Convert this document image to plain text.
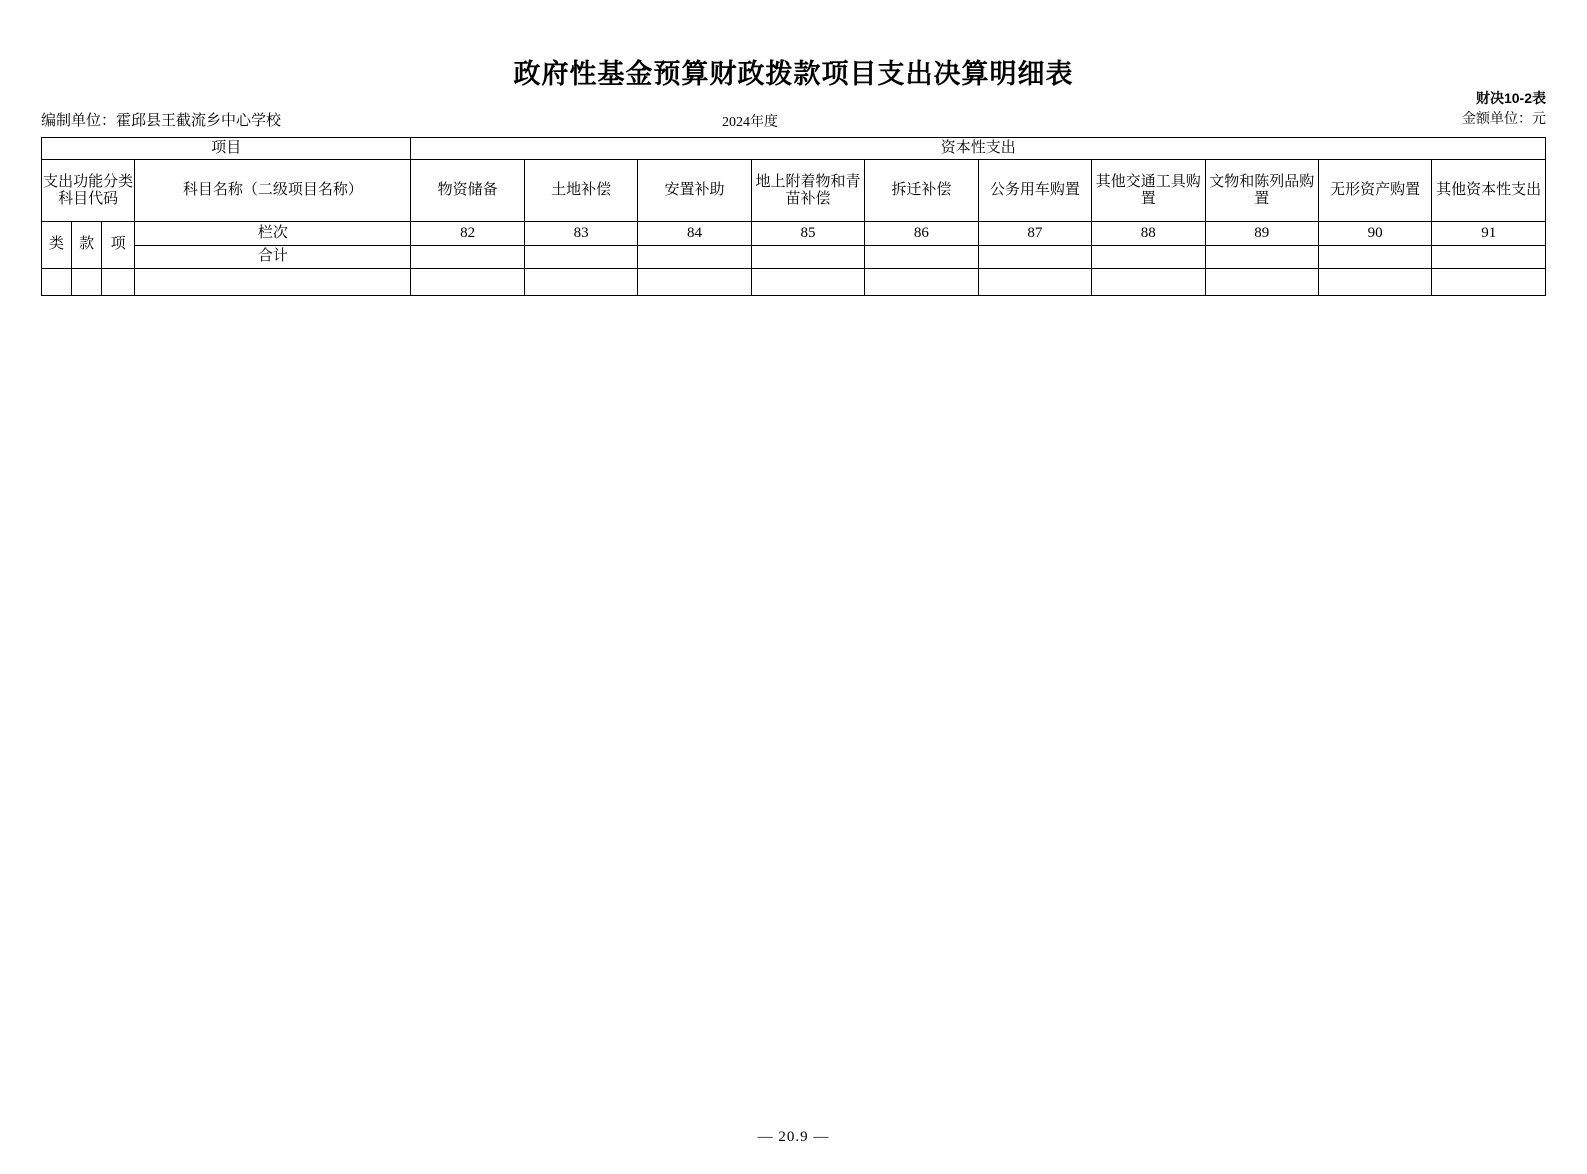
政府性基金预算财政拨款项目支出决算明细表
编制单位：霍邱县王截流乡中心学校	2024年度
财决10-2表
金额单位：元
项目				资本性支出									
支出功能分类科目代码			科目名称（二级项目名称）	物资储备	土地补偿	安置补助	地上附着物和青苗补偿	拆迁补偿	公务用车购置	其他交通工具购置	文物和陈列品购置	无形资产购置	其他资本性支出
类	款	项	栏次	82	83	84	85	86	87	88	89	90	91
			合计										

— 20.9 —
